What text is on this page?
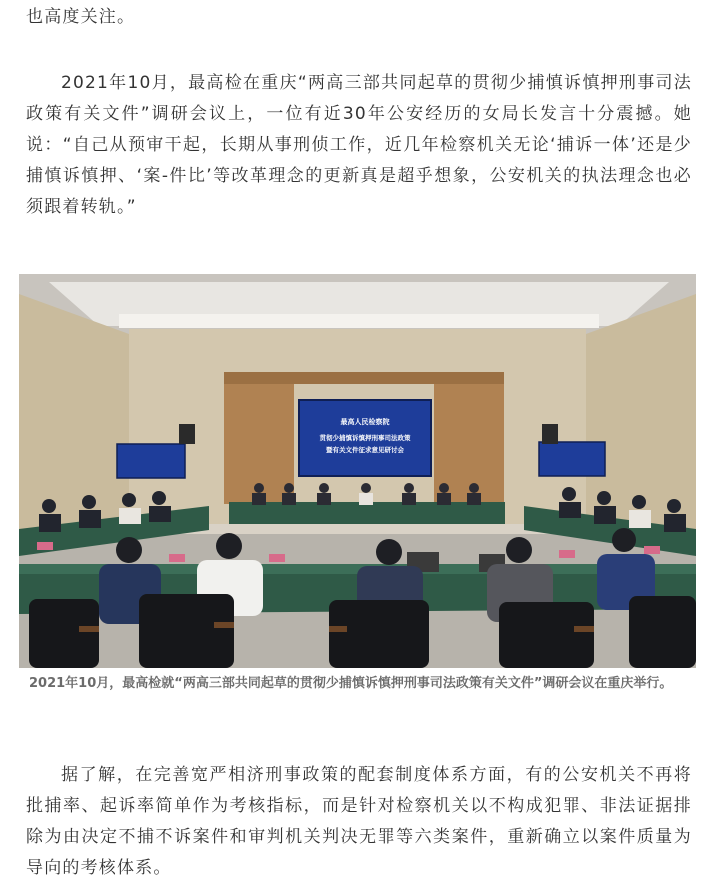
也高度关注。

2021年10月，最高检在重庆“两高三部共同起草的贯彻少捕慎诉慎押刑事司法政策有关文件”调研会议上，一位有近30年公安经历的女局长发言十分震撼。她说：“自己从预审干起，长期从事刑侦工作，近几年检察机关无论‘捕诉一体’还是少捕慎诉慎押、‘案-件比’等改革理念的更新真是超乎想象，公安机关的执法理念也必须跟着转轨。”

最高人民检察院
贯彻少捕慎诉慎押刑事司法政策
暨有关文件征求意见研讨会

2021年10月，最高检就“两高三部共同起草的贯彻少捕慎诉慎押刑事司法政策有关文件”调研会议在重庆举行。

据了解，在完善宽严相济刑事政策的配套制度体系方面，有的公安机关不再将批捕率、起诉率简单作为考核指标，而是针对检察机关以不构成犯罪、非法证据排除为由决定不捕不诉案件和审判机关判决无罪等六类案件，重新确立以案件质量为导向的考核体系。
